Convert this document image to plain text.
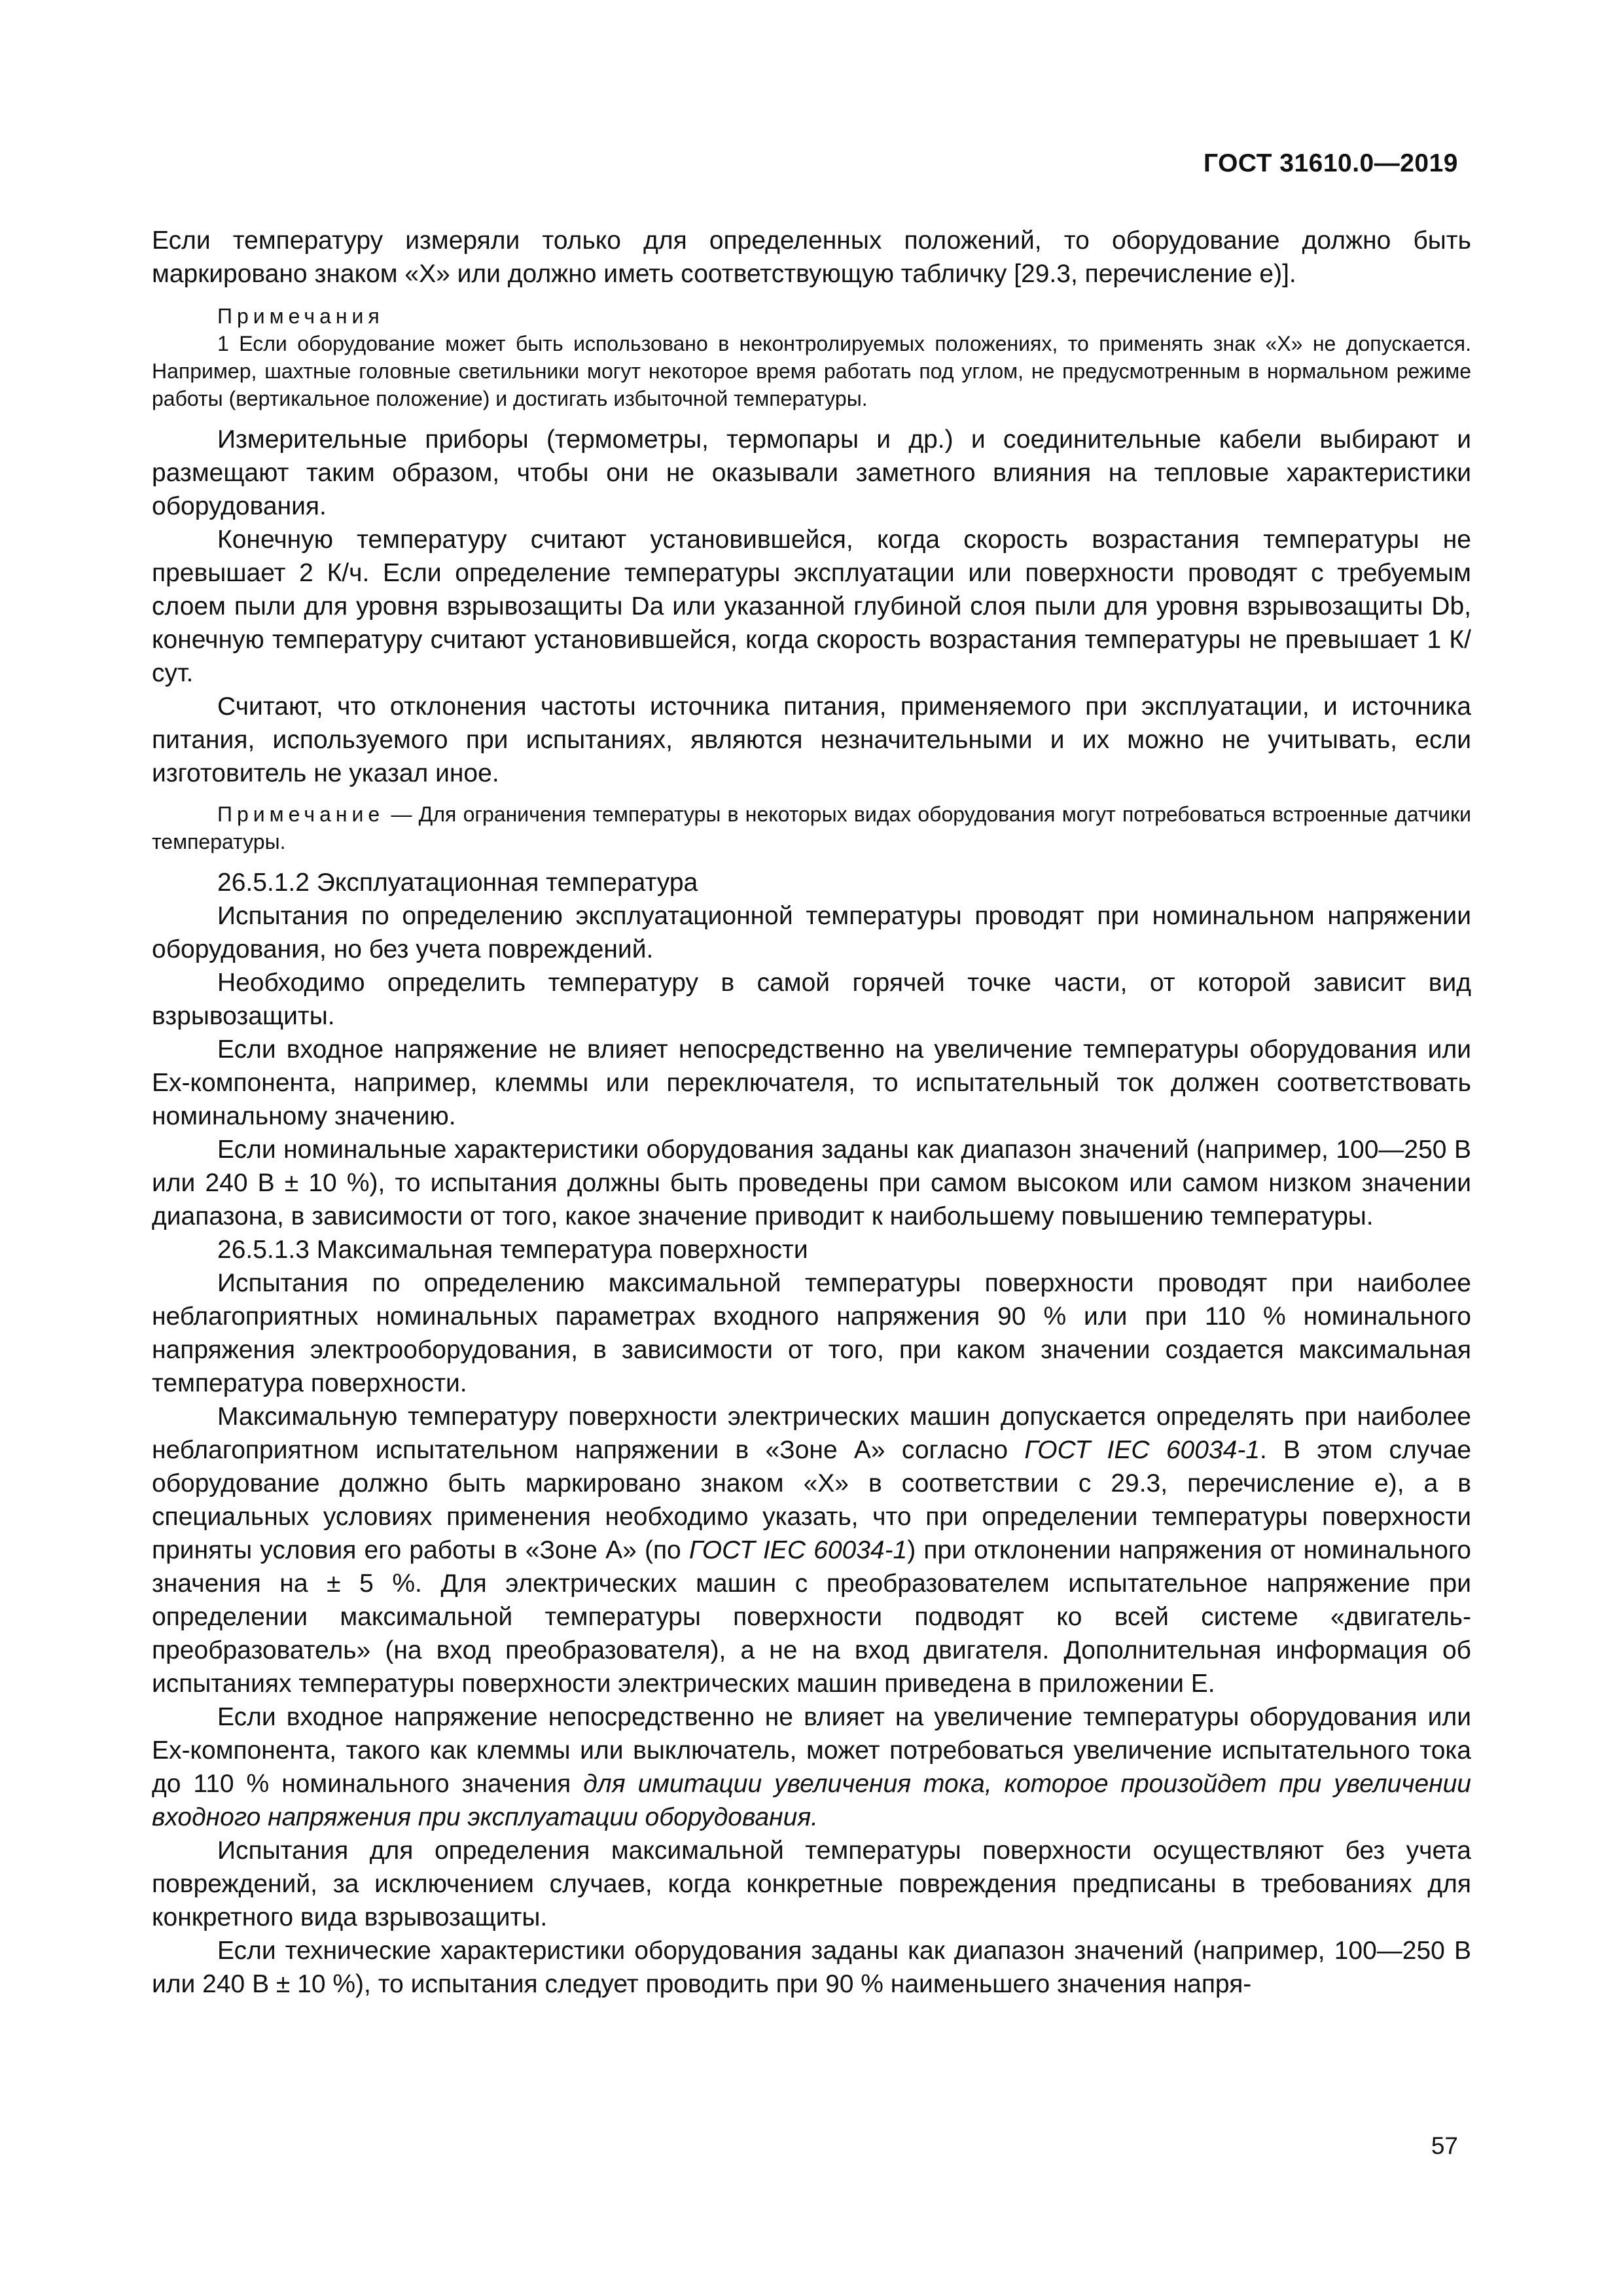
ГОСТ 31610.0—2019

Если температуру измеряли только для определенных положений, то оборудование должно быть маркировано знаком «X» или должно иметь соответствующую табличку [29.3, перечисление е)].

Примечания

1 Если оборудование может быть использовано в неконтролируемых положениях, то применять знак «X» не допускается. Например, шахтные головные светильники могут некоторое время работать под углом, не предусмотренным в нормальном режиме работы (вертикальное положение) и достигать избыточной температуры.

Измерительные приборы (термометры, термопары и др.) и соединительные кабели выбирают и размещают таким образом, чтобы они не оказывали заметного влияния на тепловые характеристики оборудования.

Конечную температуру считают установившейся, когда скорость возрастания температуры не превышает 2 К/ч. Если определение температуры эксплуатации или поверхности проводят с требуемым слоем пыли для уровня взрывозащиты Da или указанной глубиной слоя пыли для уровня взрывозащиты Db, конечную температуру считают установившейся, когда скорость возрастания температуры не превышает 1 К/сут.

Считают, что отклонения частоты источника питания, применяемого при эксплуатации, и источника питания, используемого при испытаниях, являются незначительными и их можно не учитывать, если изготовитель не указал иное.

Примечание — Для ограничения температуры в некоторых видах оборудования могут потребоваться встроенные датчики температуры.

26.5.1.2 Эксплуатационная температура

Испытания по определению эксплуатационной температуры проводят при номинальном напряжении оборудования, но без учета повреждений.

Необходимо определить температуру в самой горячей точке части, от которой зависит вид взрывозащиты.

Если входное напряжение не влияет непосредственно на увеличение температуры оборудования или Ex-компонента, например, клеммы или переключателя, то испытательный ток должен соответствовать номинальному значению.

Если номинальные характеристики оборудования заданы как диапазон значений (например, 100—250 В или 240 В ± 10 %), то испытания должны быть проведены при самом высоком или самом низком значении диапазона, в зависимости от того, какое значение приводит к наибольшему повышению температуры.

26.5.1.3 Максимальная температура поверхности

Испытания по определению максимальной температуры поверхности проводят при наиболее неблагоприятных номинальных параметрах входного напряжения 90 % или при 110 % номинального напряжения электрооборудования, в зависимости от того, при каком значении создается максимальная температура поверхности.

Максимальную температуру поверхности электрических машин допускается определять при наиболее неблагоприятном испытательном напряжении в «Зоне А» согласно ГОСТ IEC 60034-1. В этом случае оборудование должно быть маркировано знаком «X» в соответствии с 29.3, перечисление е), а в специальных условиях применения необходимо указать, что при определении температуры поверхности приняты условия его работы в «Зоне А» (по ГОСТ IEC 60034-1) при отклонении напряжения от номинального значения на ± 5 %. Для электрических машин с преобразователем испытательное напряжение при определении максимальной температуры поверхности подводят ко всей системе «двигатель-преобразователь» (на вход преобразователя), а не на вход двигателя. Дополнительная информация об испытаниях температуры поверхности электрических машин приведена в приложении Е.

Если входное напряжение непосредственно не влияет на увеличение температуры оборудования или Ex-компонента, такого как клеммы или выключатель, может потребоваться увеличение испытательного тока до 110 % номинального значения для имитации увеличения тока, которое произойдет при увеличении входного напряжения при эксплуатации оборудования.

Испытания для определения максимальной температуры поверхности осуществляют без учета повреждений, за исключением случаев, когда конкретные повреждения предписаны в требованиях для конкретного вида взрывозащиты.

Если технические характеристики оборудования заданы как диапазон значений (например, 100—250 В или 240 В ± 10 %), то испытания следует проводить при 90 % наименьшего значения напря-

57
